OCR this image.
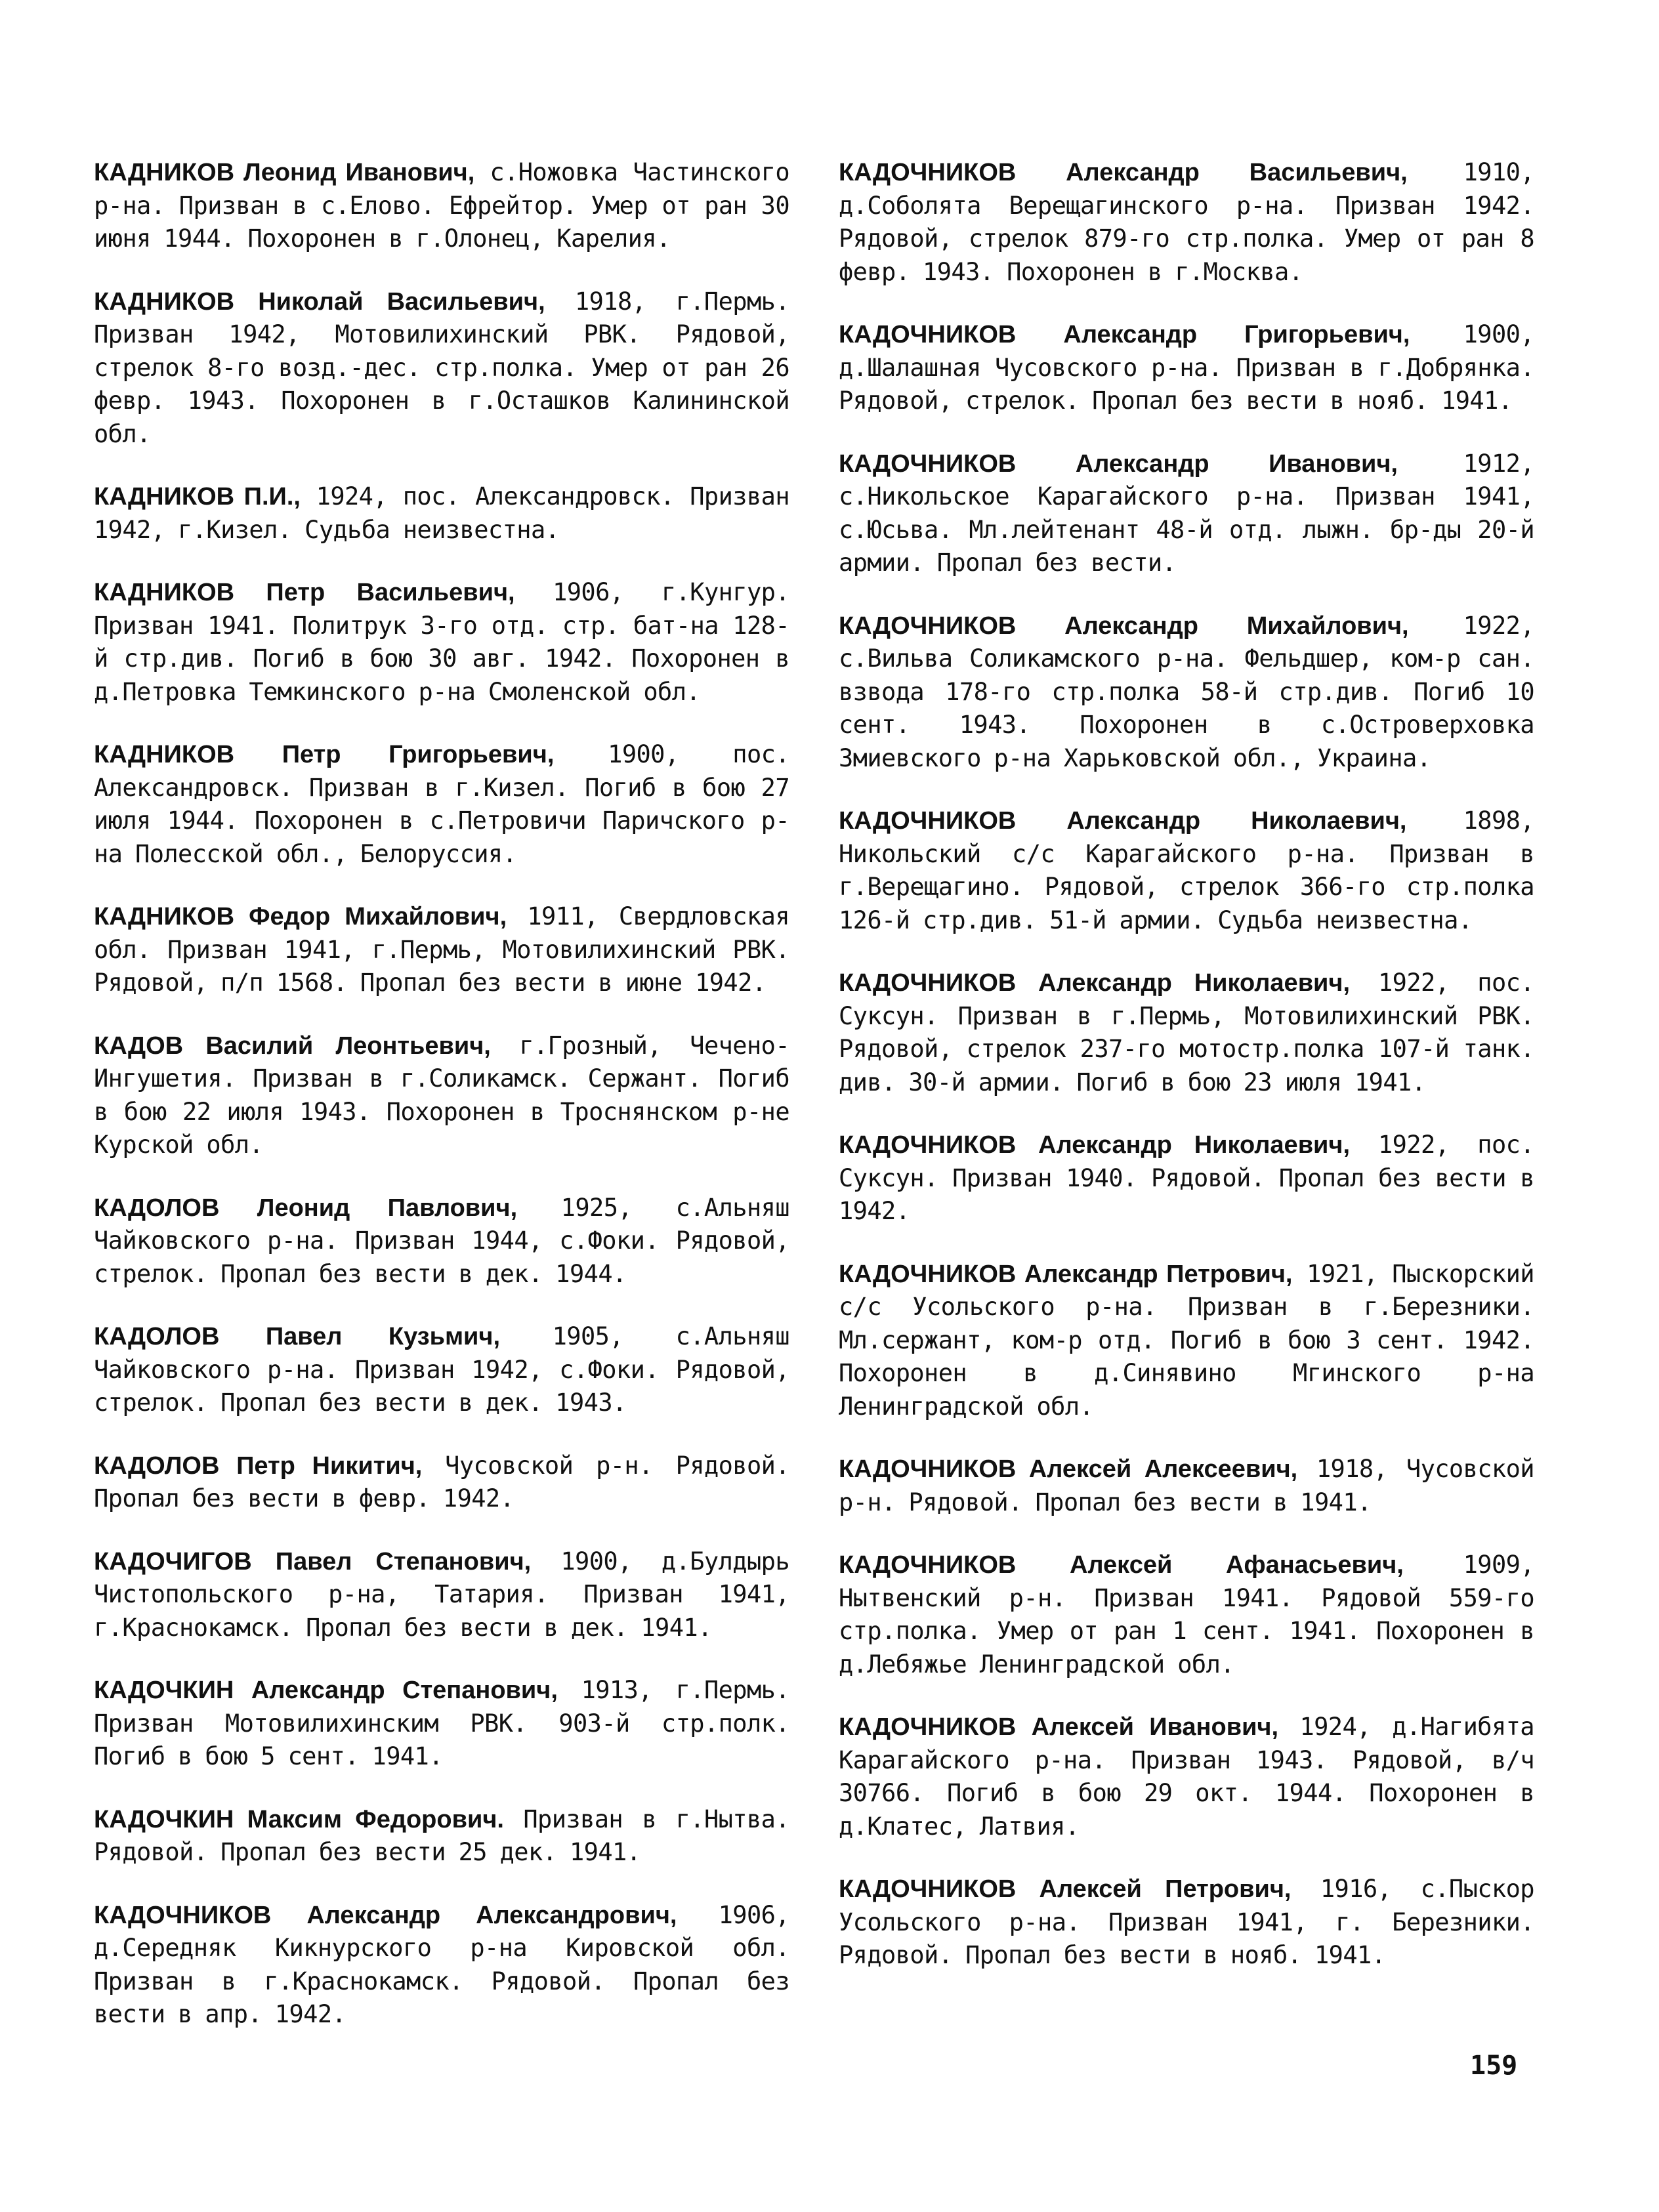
КАДНИКОВ Леонид Иванович, с.Ножовка Частинского р-на. Призван в с.Елово. Ефрейтор. Умер от ран 30 июня 1944. Похоронен в г.Олонец, Карелия.

КАДНИКОВ Николай Васильевич, 1918, г.Пермь. Призван 1942, Мотовилихинский РВК. Рядовой, стрелок 8-го возд.-дес. стр.полка. Умер от ран 26 февр. 1943. Похоронен в г.Осташков Калининской обл.

КАДНИКОВ П.И., 1924, пос. Александровск. Призван 1942, г.Кизел. Судьба неизвестна.

КАДНИКОВ Петр Васильевич, 1906, г.Кунгур. Призван 1941. Политрук 3-го отд. стр. бат-на 128-й стр.див. Погиб в бою 30 авг. 1942. Похоронен в д.Петровка Темкинского р-на Смоленской обл.

КАДНИКОВ Петр Григорьевич, 1900, пос. Александровск. Призван в г.Кизел. Погиб в бою 27 июля 1944. Похоронен в с.Петровичи Паричского р-на Полесской обл., Белоруссия.

КАДНИКОВ Федор Михайлович, 1911, Свердловская обл. Призван 1941, г.Пермь, Мотовилихинский РВК. Рядовой, п/п 1568. Пропал без вести в июне 1942.

КАДОВ Василий Леонтьевич, г.Грозный, Чечено-Ингушетия. Призван в г.Соликамск. Сержант. Погиб в бою 22 июля 1943. Похоронен в Троснянском р-не Курской обл.

КАДОЛОВ Леонид Павлович, 1925, с.Альняш Чайковского р-на. Призван 1944, с.Фоки. Рядовой, стрелок. Пропал без вести в дек. 1944.

КАДОЛОВ Павел Кузьмич, 1905, с.Альняш Чайковского р-на. Призван 1942, с.Фоки. Рядовой, стрелок. Пропал без вести в дек. 1943.

КАДОЛОВ Петр Никитич, Чусовской р-н. Рядовой. Пропал без вести в февр. 1942.

КАДОЧИГОВ Павел Степанович, 1900, д.Булдырь Чистопольского р-на, Татария. Призван 1941, г.Краснокамск. Пропал без вести в дек. 1941.

КАДОЧКИН Александр Степанович, 1913, г.Пермь. Призван Мотовилихинским РВК. 903-й стр.полк. Погиб в бою 5 сент. 1941.

КАДОЧКИН Максим Федорович. Призван в г.Нытва. Рядовой. Пропал без вести 25 дек. 1941.

КАДОЧНИКОВ Александр Александрович, 1906, д.Середняк Кикнурского р-на Кировской обл. Призван в г.Краснокамск. Рядовой. Пропал без вести в апр. 1942.

КАДОЧНИКОВ Александр Васильевич, 1910, д.Соболята Верещагинского р-на. Призван 1942. Рядовой, стрелок 879-го стр.полка. Умер от ран 8 февр. 1943. Похоронен в г.Москва.

КАДОЧНИКОВ Александр Григорьевич, 1900, д.Шалашная Чусовского р-на. Призван в г.Добрянка. Рядовой, стрелок. Пропал без вести в нояб. 1941.

КАДОЧНИКОВ Александр Иванович,	1912, с.Никольское Карагайского р-на. Призван 1941, с.Юсьва. Мл.лейтенант 48-й отд. лыжн. бр-ды 20-й армии. Пропал без вести.

КАДОЧНИКОВ Александр Михайлович, 1922, с.Вильва Соликамского р-на. Фельдшер, ком-р сан. взвода 178-го стр.полка 58-й стр.див. Погиб 10 сент. 1943. Похоронен в с.Островерховка Змиевского р-на Харьковской обл., Украина.

КАДОЧНИКОВ Александр Николаевич, 1898, Никольский с/с Карагайского р-на. Призван в г.Верещагино. Рядовой, стрелок 366-го стр.полка 126-й стр.див. 51-й армии. Судьба неизвестна.

КАДОЧНИКОВ Александр Николаевич, 1922, пос. Суксун. Призван в г.Пермь, Мотовилихинский РВК. Рядовой, стрелок 237-го мотостр.полка 107-й танк. див. 30-й армии. Погиб в бою 23 июля 1941.

КАДОЧНИКОВ Александр Николаевич, 1922, пос. Суксун. Призван 1940. Рядовой. Пропал без вести в 1942.

КАДОЧНИКОВ Александр Петрович, 1921, Пыскорский с/с Усольского р-на. Призван в г.Березники. Мл.сержант, ком-р отд. Погиб в бою 3 сент. 1942. Похоронен в д.Синявино Мгинского р-на Ленинградской обл.

КАДОЧНИКОВ Алексей Алексеевич, 1918, Чусовской р-н. Рядовой. Пропал без вести в 1941.

КАДОЧНИКОВ Алексей Афанасьевич, 1909, Нытвенский р-н. Призван 1941. Рядовой 559-го стр.полка. Умер от ран 1 сент. 1941. Похоронен в д.Лебяжье Ленинградской обл.

КАДОЧНИКОВ Алексей Иванович, 1924, д.Нагибята Карагайского р-на. Призван 1943. Рядовой, в/ч 30766. Погиб в бою 29 окт. 1944. Похоронен в д.Клатес, Латвия.

КАДОЧНИКОВ Алексей Петрович, 1916, с.Пыскор Усольского р-на. Призван 1941, г. Березники. Рядовой. Пропал без вести в нояб. 1941.

159
